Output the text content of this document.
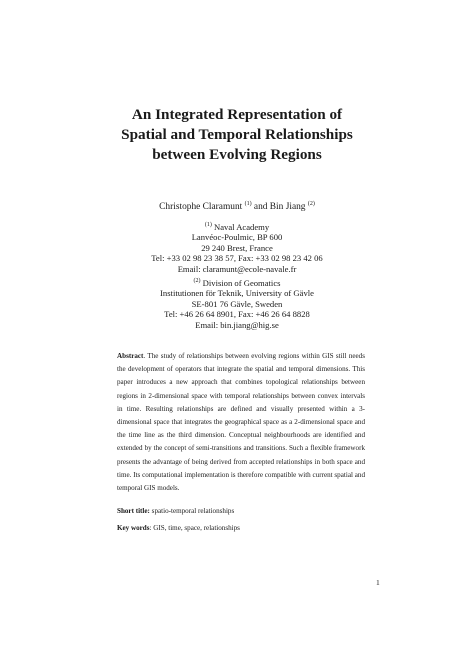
An Integrated Representation of
Spatial and Temporal Relationships
between Evolving Regions
Christophe Claramunt $^{(1)}$ and Bin Jiang $^{(2)}$
$^{(1)}$ Naval Academy
Lanvéoc-Poulmic, BP 600
29 240 Brest, France
Tel: +33 02 98 23 38 57, Fax: +33 02 98 23 42 06
Email: claramunt@ecole-navale.fr
$^{(2)}$ Division of Geomatics
Institutionen för Teknik, University of Gävle
SE-801 76 Gävle, Sweden
Tel: +46 26 64 8901, Fax: +46 26 64 8828
Email: bin.jiang@hig.se

Abstract. The study of relationships between evolving regions within GIS still needs the development of operators that integrate the spatial and temporal dimensions. This paper introduces a new approach that combines topological relationships between regions in 2-dimensional space with temporal relationships between convex intervals in time. Resulting relationships are defined and visually presented within a 3-dimensional space that integrates the geographical space as a 2-dimensional space and the time line as the third dimension. Conceptual neighbourhoods are identified and extended by the concept of semi-transitions and transitions. Such a flexible framework presents the advantage of being derived from accepted relationships in both space and time. Its computational implementation is therefore compatible with current spatial and temporal GIS models.

Short title: spatio-temporal relationships
Key words: GIS, time, space, relationships
1
